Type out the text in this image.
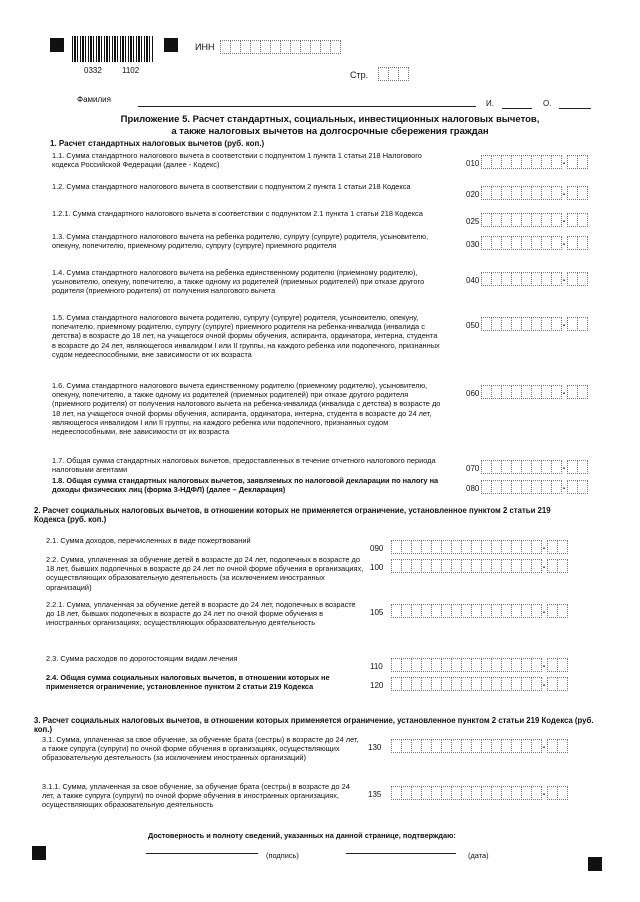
0332	1102
ИНН
Стр.
Фамилия	И.	О.
Приложение 5. Расчет стандартных, социальных, инвестиционных налоговых вычетов, а также налоговых вычетов на долгосрочные сбережения граждан
1. Расчет стандартных налоговых вычетов (руб. коп.)
2. Расчет социальных налоговых вычетов, в отношении которых не применяется ограничение, установленное пунктом 2 статьи 219 Кодекса (руб. коп.)
3. Расчет социальных налоговых вычетов, в отношении которых применяется ограничение, установленное пунктом 2 статьи 219 Кодекса (руб. коп.)
1.1. Сумма стандартного налогового вычета в соответствии с подпунктом 1 пункта 1 статьи 218 Налогового кодекса Российской Федерации (далее - Кодекс)	010	.
1.2. Сумма стандартного налогового вычета в соответствии с подпунктом 2 пункта 1 статьи 218 Кодекса
020	.
1.2.1. Сумма стандартного налогового вычета в соответствии с подпунктом 2.1 пункта 1 статьи 218 Кодекса
025	.
1.3. Сумма стандартного налогового вычета на ребенка родителю, супругу (супруге) родителя, усыновителю, опекуну, попечителю, приемному родителю, супругу (супруге) приемного родителя	030	.
1.4. Сумма стандартного налогового вычета на ребенка единственному родителю (приемному родителю), усыновителю, опекуну, попечителю, а также одному из родителей (приемных родителей) при отказе другого родителя (приемного родителя) от получения налогового вычета
040	.
1.5. Сумма стандартного налогового вычета родителю, супругу (супруге) родителя, усыновителю, опекуну, попечителю, приемному родителю, супругу (супруге) приемного родителя на ребенка-инвалида (инвалида с детства) в возрасте до 18 лет, на учащегося очной формы обучения, аспиранта, ординатора, интерна, студента в возрасте до 24 лет, являющегося инвалидом I или II группы, на каждого ребенка или подопечного, признанных судом недееспособными, вне зависимости от их возраста
050	.
1.6. Сумма стандартного налогового вычета единственному родителю (приемному родителю), усыновителю, опекуну, попечителю, а также одному из родителей (приемных родителей) при отказе другого родителя (приемного родителя) от получения налогового вычета на ребенка-инвалида (инвалида с детства) в возрасте до 18 лет, на учащегося очной формы обучения, аспиранта, ординатора, интерна, студента в возрасте до 24 лет, являющегося инвалидом I или II группы, на каждого ребенка или подопечного, признанных судом недееспособными, вне зависимости от их возраста
060	.
1.7. Общая сумма стандартных налоговых вычетов, предоставленных в течение отчетного налогового периода налоговыми агентами	070	.
1.8. Общая сумма стандартных налоговых вычетов, заявляемых по налоговой декларации по налогу на доходы физических лиц (форма 3-НДФЛ) (далее – Декларация)	080	.
2.1. Сумма доходов, перечисленных в виде пожертвований
090	.
2.2. Сумма, уплаченная за обучение детей в возрасте до 24 лет, подопечных в возрасте до 18 лет, бывших подопечных в возрасте до 24 лет по очной форме обучения в организациях, осуществляющих образовательную деятельность (за исключением иностранных организаций)
100	.
2.2.1. Сумма, уплаченная за обучение детей в возрасте до 24 лет, подопечных в возрасте до 18 лет, бывших подопечных в возрасте до 24 лет по очной форме обучения в иностранных организациях, осуществляющих образовательную деятельность
105	.
2.3. Сумма расходов по дорогостоящим видам лечения
110	.
2.4. Общая сумма социальных налоговых вычетов, в отношении которых не применяется ограничение, установленное пунктом 2 статьи 219 Кодекса	120	.
3.1. Сумма, уплаченная за свое обучение, за обучение брата (сестры) в возрасте до 24 лет, а также супруга (супруги) по очной форме обучения в организациях, осуществляющих образовательную деятельность (за исключением иностранных организаций)
130	.
3.1.1. Сумма, уплаченная за свое обучение, за обучение брата (сестры) в возрасте до 24 лет, а также супруга (супруги) по очной форме обучения в иностранных организациях, осуществляющих образовательную деятельность
135	.
Достоверность и полноту сведений, указанных на данной странице, подтверждаю:
(подпись)	(дата)
